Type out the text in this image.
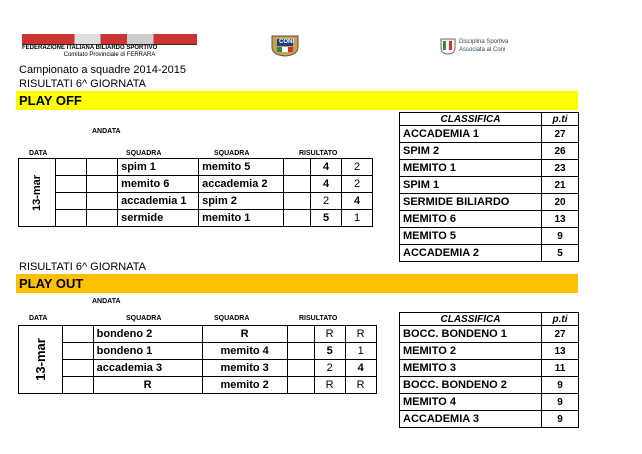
FEDERAZIONE ITALIANA BILIARDO SPORTIVO
Comitato Provinciale di FERRARA
CONI	Disciplina Sportiva
Associata al Coni
Campionato a squadre 2014-2015
RISULTATI 6^ GIORNATA
PLAY OFF
ANDATA
DATA	SQUADRA	SQUADRA	RISULTATO
13-mar			spim 1	memito 5		4	2
			memito 6	accademia 2		4	2
			accademia 1	spim 2		2	4
			sermide	memito 1		5	1
CLASSIFICA	p.ti
ACCADEMIA 1	27
SPIM 2	26
MEMITO 1	23
SPIM 1	21
SERMIDE BILIARDO	20
MEMITO 6	13
MEMITO 5	9
ACCADEMIA 2	5
RISULTATI 6^ GIORNATA
PLAY OUT
ANDATA
DATA	SQUADRA	SQUADRA	RISULTATO
13-mar		bondeno 2	R		R	R
		bondeno 1	memito 4		5	1
		accademia 3	memito 3		2	4
		R	memito 2		R	R
CLASSIFICA	p.ti
BOCC. BONDENO 1	27
MEMITO 2	13
MEMITO 3	11
BOCC. BONDENO 2	9
MEMITO 4	9
ACCADEMIA 3	9
